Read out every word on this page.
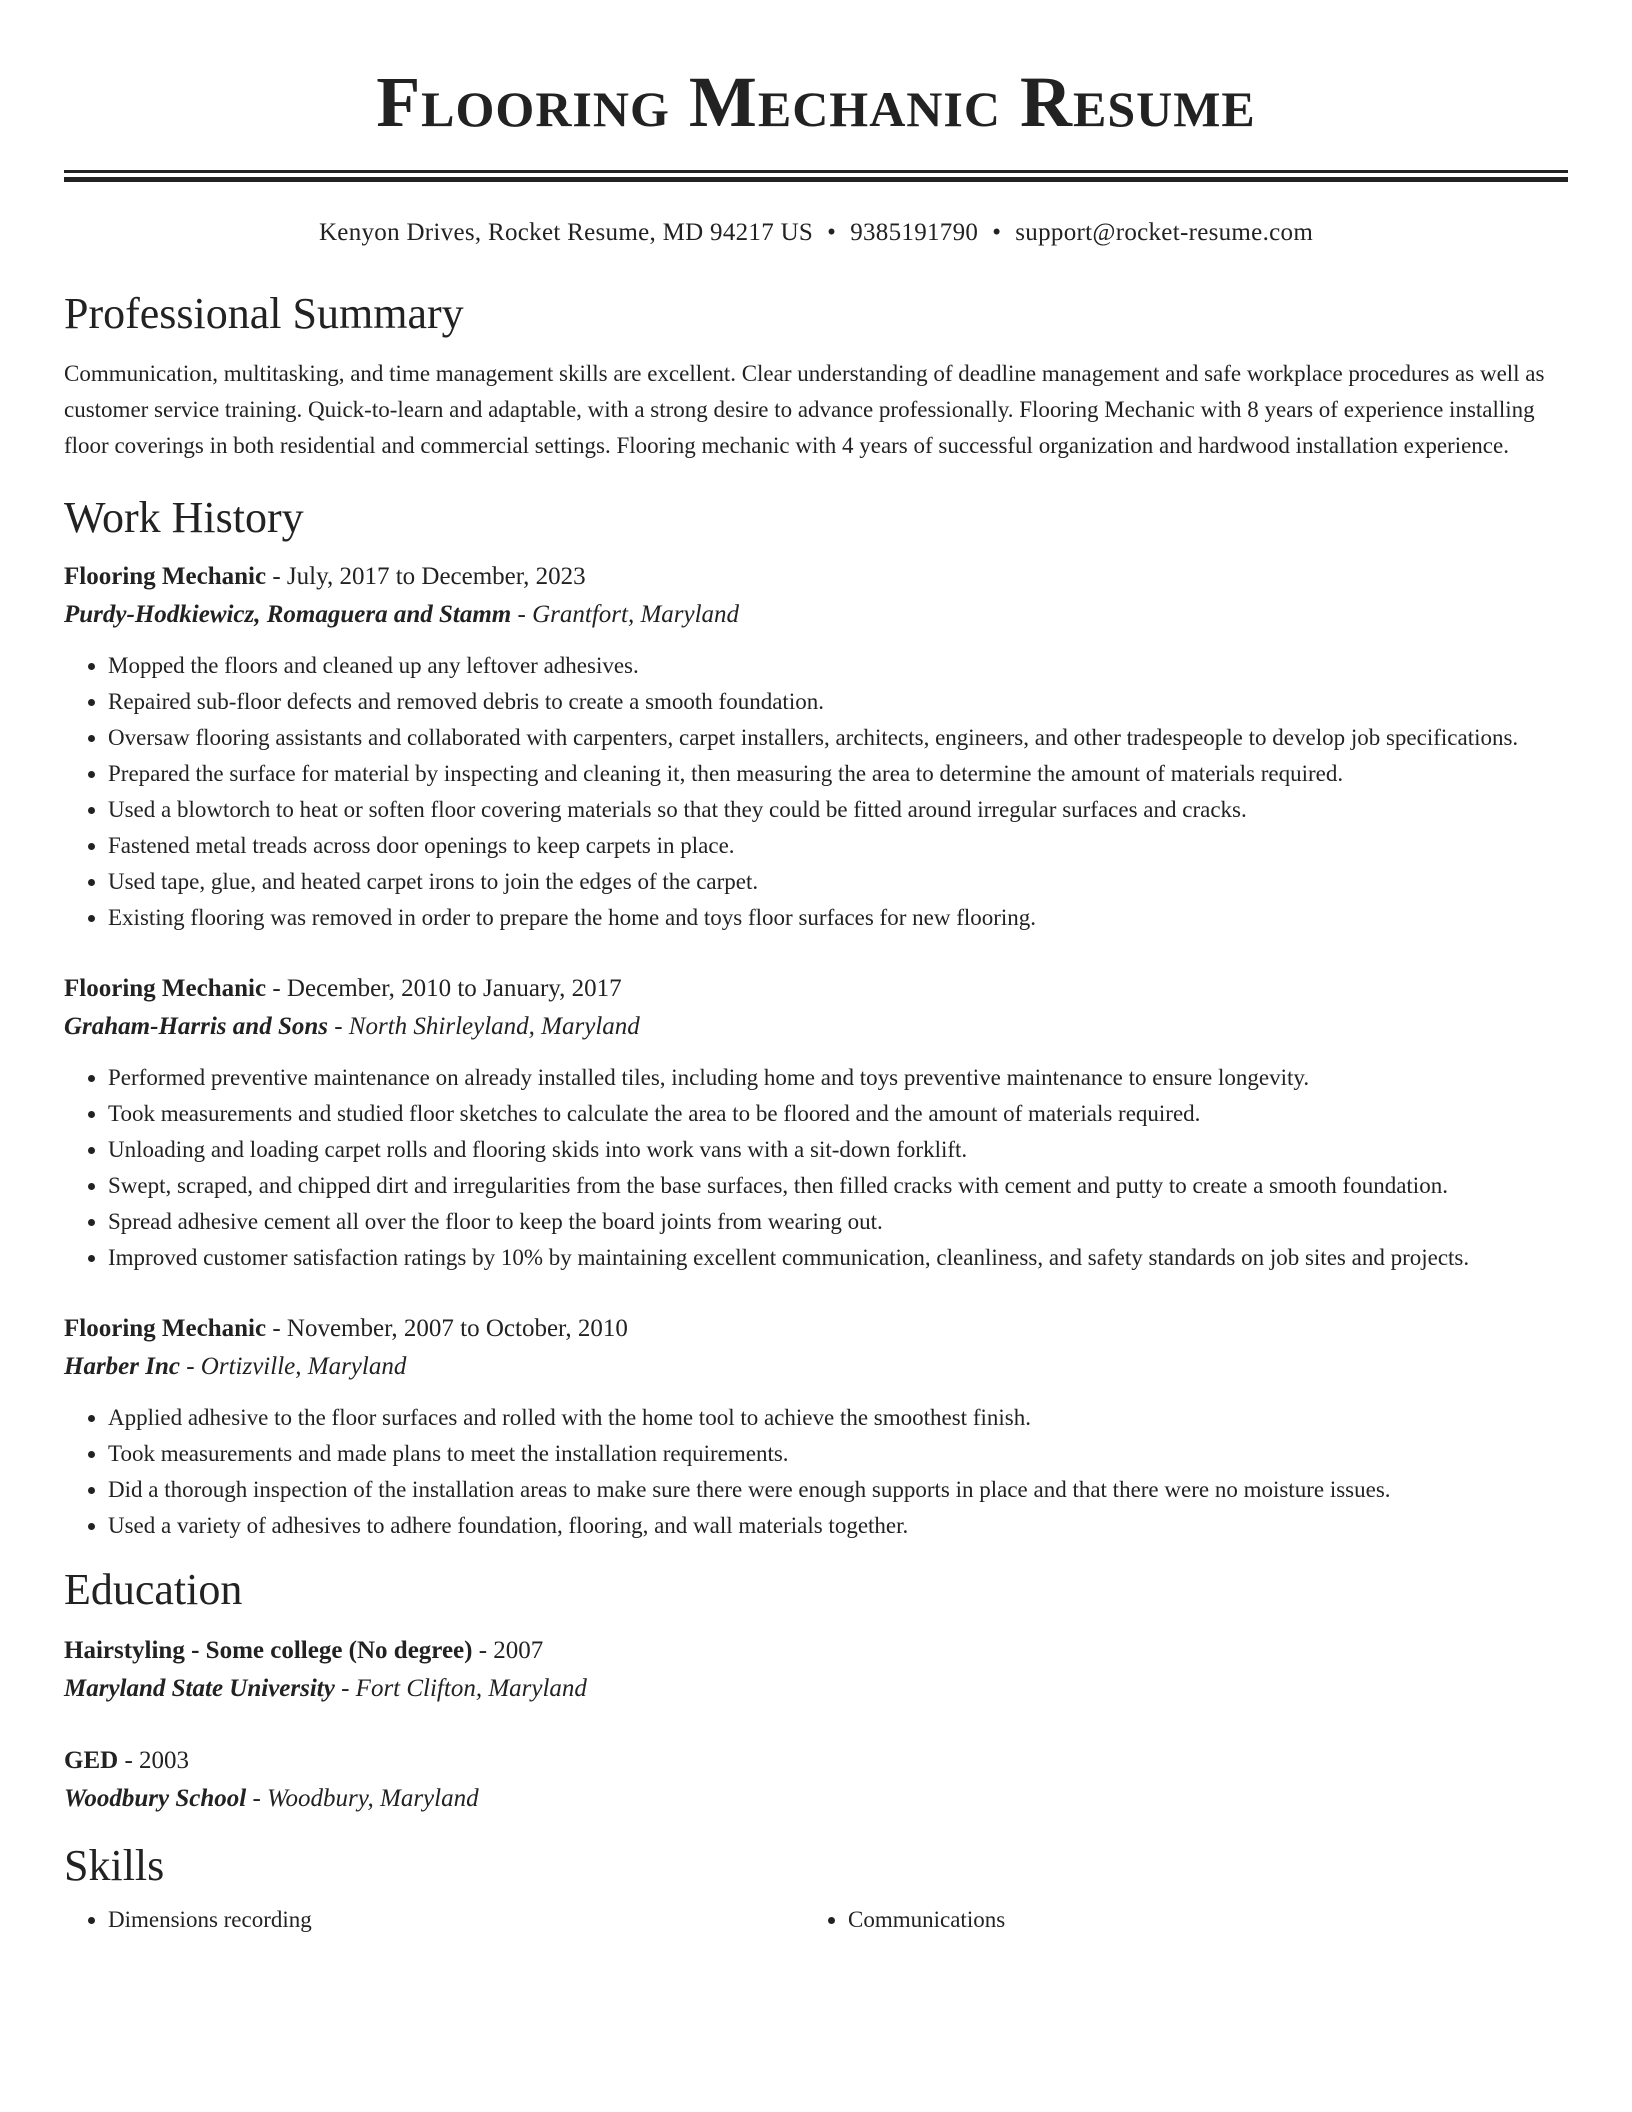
Flooring Mechanic Resume
Kenyon Drives, Rocket Resume, MD 94217 US • 9385191790 • support@rocket-resume.com
Professional Summary
Communication, multitasking, and time management skills are excellent. Clear understanding of deadline management and safe workplace procedures as well as customer service training. Quick-to-learn and adaptable, with a strong desire to advance professionally. Flooring Mechanic with 8 years of experience installing floor coverings in both residential and commercial settings. Flooring mechanic with 4 years of successful organization and hardwood installation experience.
Work History
Flooring Mechanic - July, 2017 to December, 2023
Purdy-Hodkiewicz, Romaguera and Stamm - Grantfort, Maryland
• Mopped the floors and cleaned up any leftover adhesives.
• Repaired sub-floor defects and removed debris to create a smooth foundation.
• Oversaw flooring assistants and collaborated with carpenters, carpet installers, architects, engineers, and other tradespeople to develop job specifications.
• Prepared the surface for material by inspecting and cleaning it, then measuring the area to determine the amount of materials required.
• Used a blowtorch to heat or soften floor covering materials so that they could be fitted around irregular surfaces and cracks.
• Fastened metal treads across door openings to keep carpets in place.
• Used tape, glue, and heated carpet irons to join the edges of the carpet.
• Existing flooring was removed in order to prepare the home and toys floor surfaces for new flooring.
Flooring Mechanic - December, 2010 to January, 2017
Graham-Harris and Sons - North Shirleyland, Maryland
• Performed preventive maintenance on already installed tiles, including home and toys preventive maintenance to ensure longevity.
• Took measurements and studied floor sketches to calculate the area to be floored and the amount of materials required.
• Unloading and loading carpet rolls and flooring skids into work vans with a sit-down forklift.
• Swept, scraped, and chipped dirt and irregularities from the base surfaces, then filled cracks with cement and putty to create a smooth foundation.
• Spread adhesive cement all over the floor to keep the board joints from wearing out.
• Improved customer satisfaction ratings by 10% by maintaining excellent communication, cleanliness, and safety standards on job sites and projects.
Flooring Mechanic - November, 2007 to October, 2010
Harber Inc - Ortizville, Maryland
• Applied adhesive to the floor surfaces and rolled with the home tool to achieve the smoothest finish.
• Took measurements and made plans to meet the installation requirements.
• Did a thorough inspection of the installation areas to make sure there were enough supports in place and that there were no moisture issues.
• Used a variety of adhesives to adhere foundation, flooring, and wall materials together.
Education
Hairstyling - Some college (No degree) - 2007
Maryland State University - Fort Clifton, Maryland
GED - 2003
Woodbury School - Woodbury, Maryland
Skills
• Dimensions recording
•	Communications
